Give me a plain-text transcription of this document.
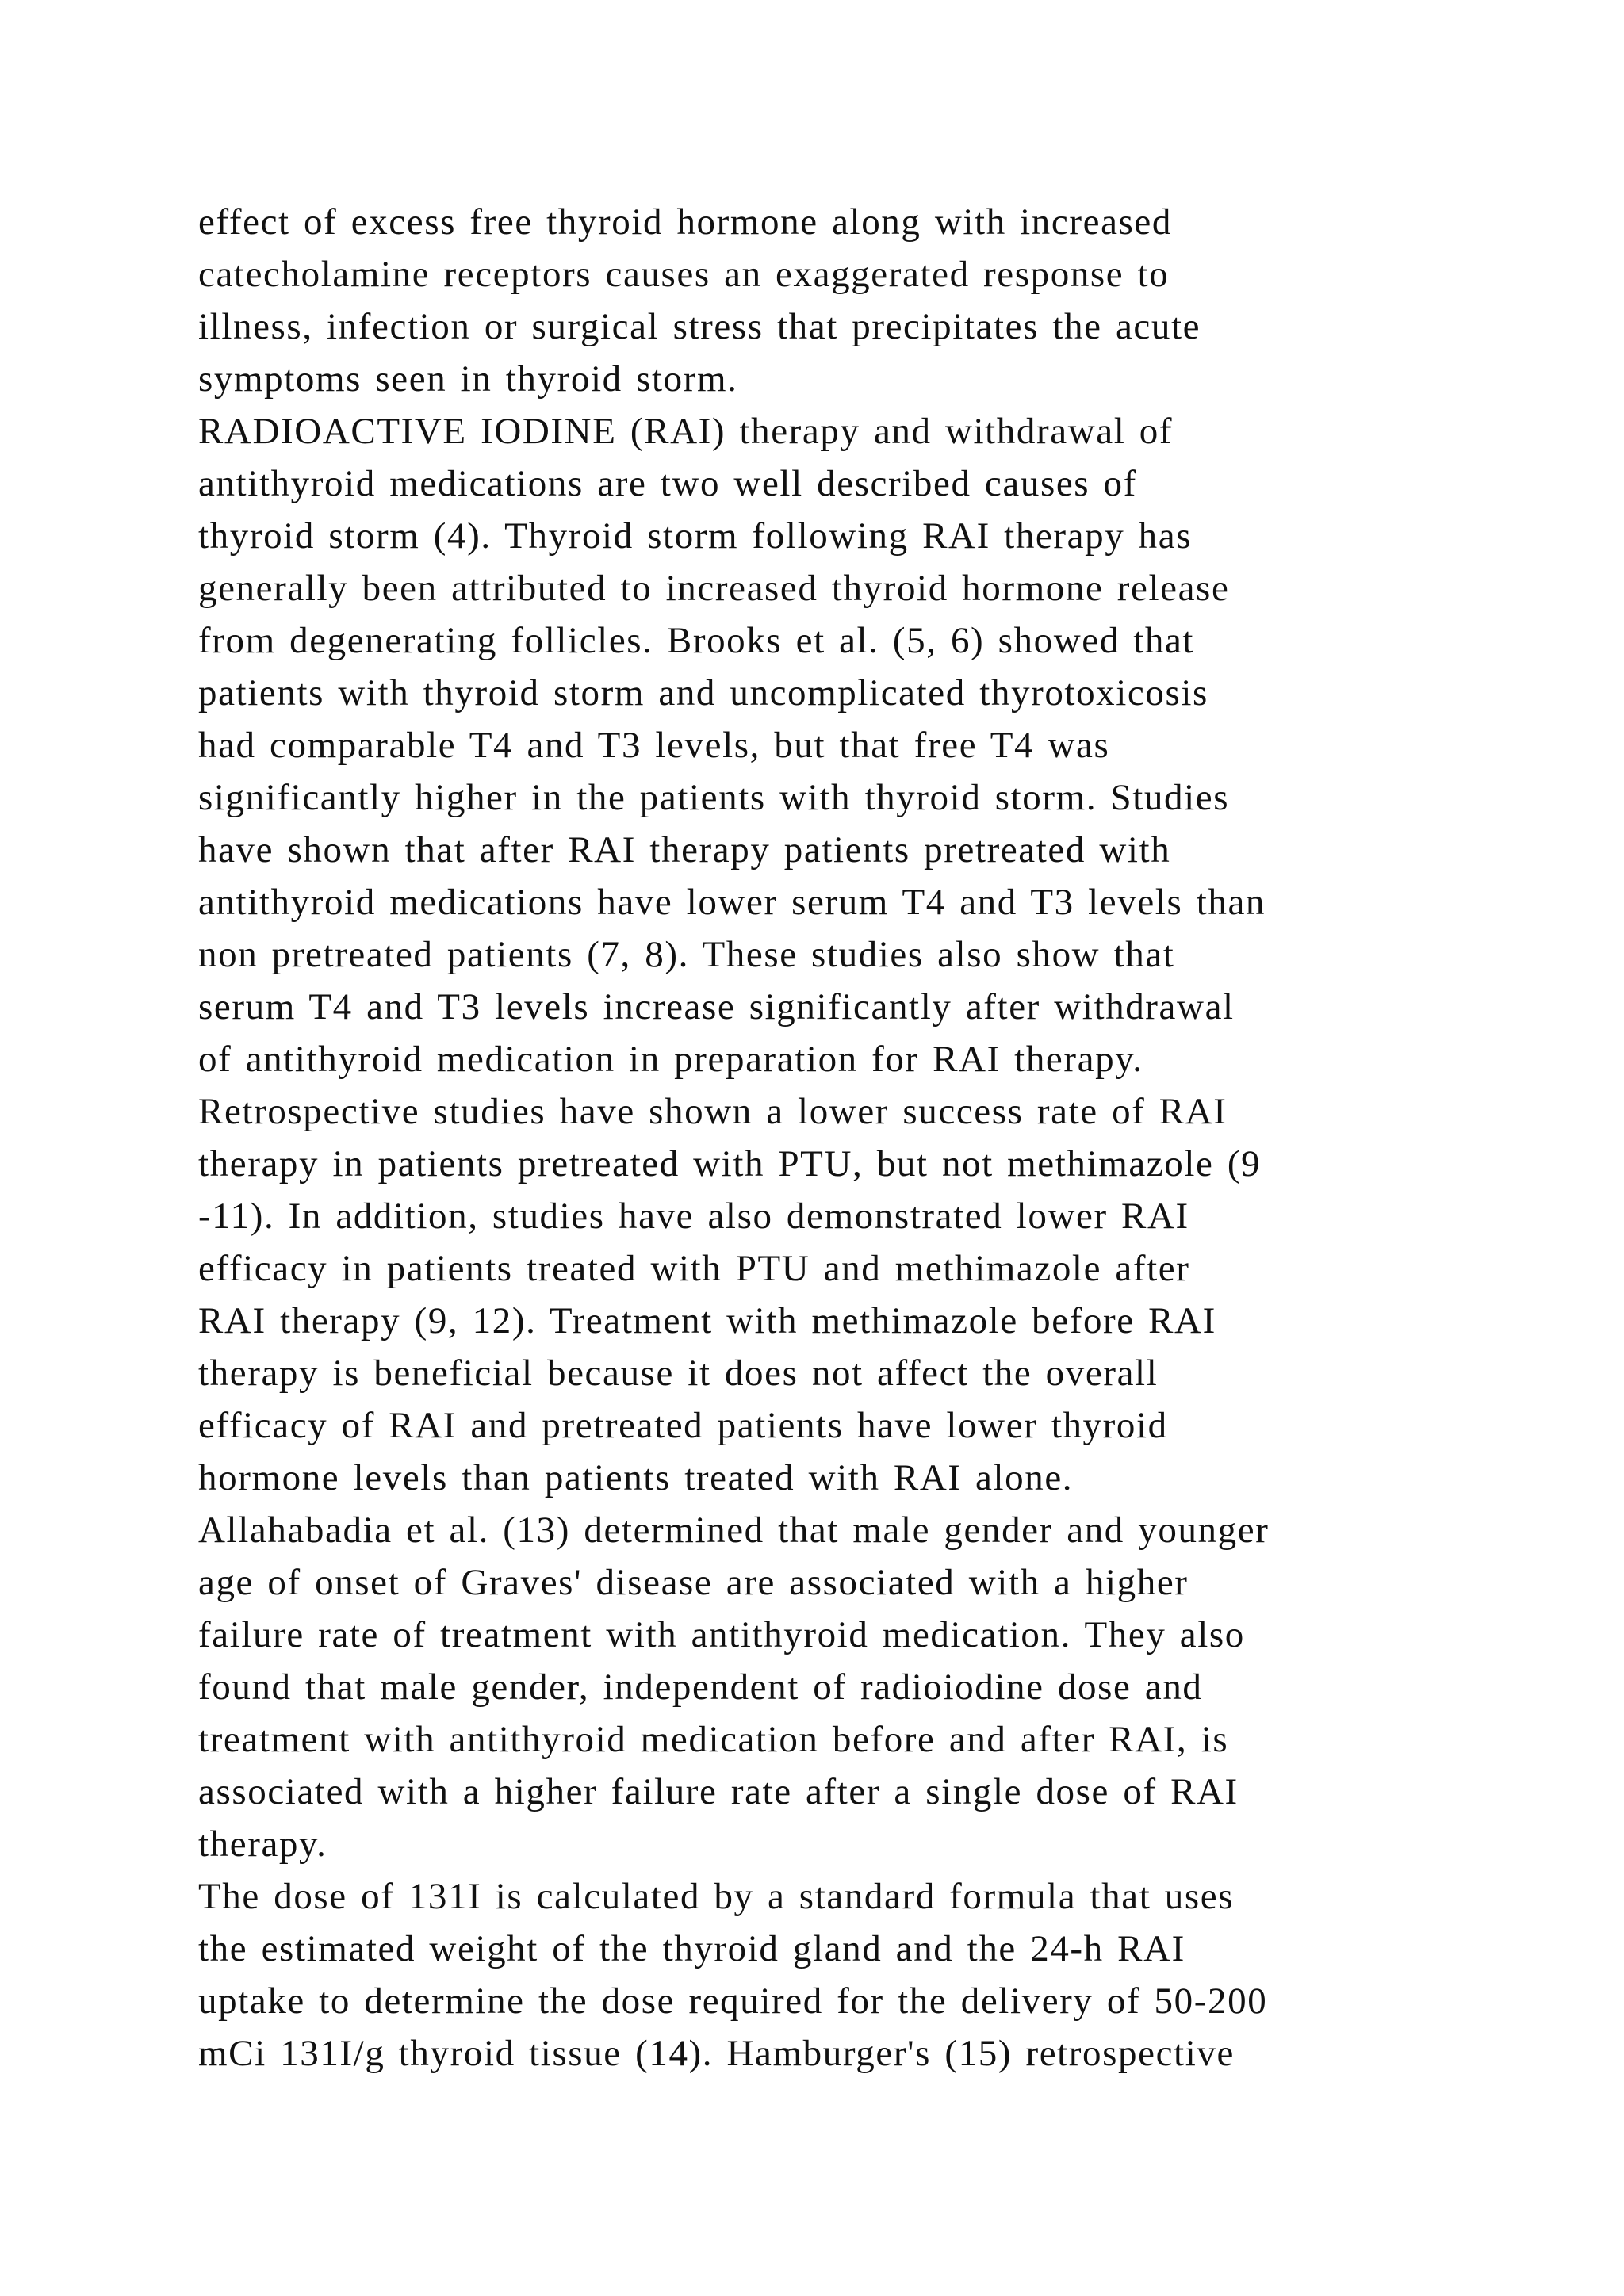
effect of excess free thyroid hormone along with increased
catecholamine receptors causes an exaggerated response to
illness, infection or surgical stress that precipitates the acute
symptoms seen in thyroid storm.
RADIOACTIVE IODINE (RAI) therapy and withdrawal of
antithyroid medications are two well described causes of
thyroid storm (4). Thyroid storm following RAI therapy has
generally been attributed to increased thyroid hormone release
from degenerating follicles. Brooks et al. (5, 6) showed that
patients with thyroid storm and uncomplicated thyrotoxicosis
had comparable T4 and T3 levels, but that free T4 was
significantly higher in the patients with thyroid storm. Studies
have shown that after RAI therapy patients pretreated with
antithyroid medications have lower serum T4 and T3 levels than
non pretreated patients (7, 8). These studies also show that
serum T4 and T3 levels increase significantly after withdrawal
of antithyroid medication in preparation for RAI therapy.
Retrospective studies have shown a lower success rate of RAI
therapy in patients pretreated with PTU, but not methimazole (9
-11). In addition, studies have also demonstrated lower RAI
efficacy in patients treated with PTU and methimazole after
RAI therapy (9, 12). Treatment with methimazole before RAI
therapy is beneficial because it does not affect the overall
efficacy of RAI and pretreated patients have lower thyroid
hormone levels than patients treated with RAI alone.
Allahabadia et al. (13) determined that male gender and younger
age of onset of Graves' disease are associated with a higher
failure rate of treatment with antithyroid medication. They also
found that male gender, independent of radioiodine dose and
treatment with antithyroid medication before and after RAI, is
associated with a higher failure rate after a single dose of RAI
therapy.
The dose of 131I is calculated by a standard formula that uses
the estimated weight of the thyroid gland and the 24-h RAI
uptake to determine the dose required for the delivery of 50-200
mCi 131I/g thyroid tissue (14). Hamburger's (15) retrospective
